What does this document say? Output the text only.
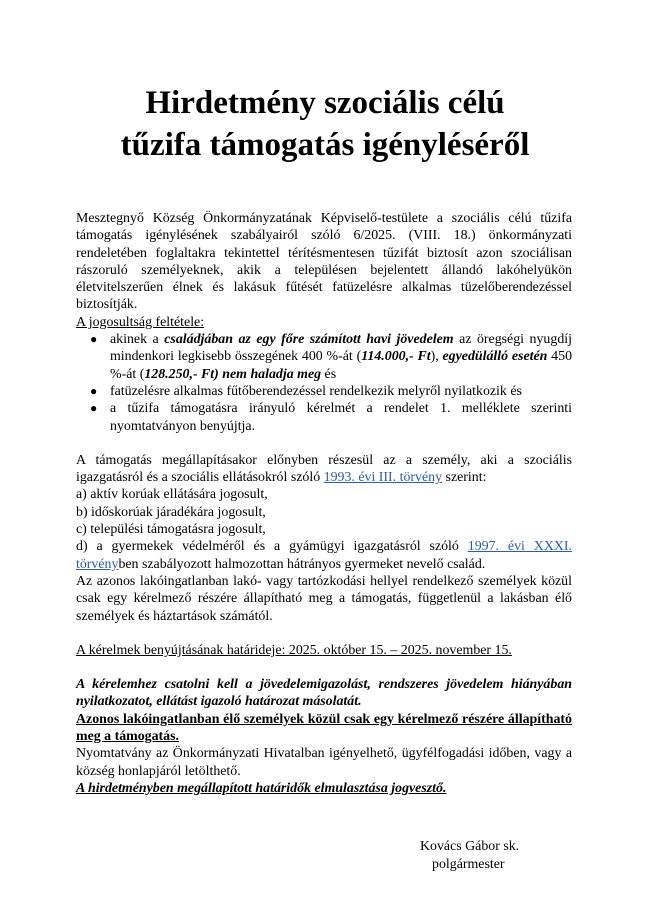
Hirdetmény szociális célú
tűzifa támogatás igényléséről
Mesztegnyő Község Önkormányzatának Képviselő-testülete a szociális célú tűzifa támogatás igénylésének szabályairól szóló 6/2025. (VIII. 18.) önkormányzati rendeletében foglaltakra tekintettel térítésmentesen tűzifát biztosít azon szociálisan rászoruló személyeknek, akik a településen bejelentett állandó lakóhelyükön életvitelszerűen élnek és lakásuk fűtését fatüzelésre alkalmas tüzelőberendezéssel biztosítják.
A jogosultság feltétele:
● akinek a családjában az egy főre számított havi jövedelem az öregségi nyugdíj mindenkori legkisebb összegének 400 %-át (114.000,- Ft), egyedülálló esetén 450 %-át (128.250,- Ft) nem haladja meg és
● fatüzelésre alkalmas fűtőberendezéssel rendelkezik melyről nyilatkozik és
● a tűzifa támogatásra irányuló kérelmét a rendelet 1. melléklete szerinti nyomtatványon benyújtja.
A támogatás megállapításakor előnyben részesül az a személy, aki a szociális igazgatásról és a szociális ellátásokról szóló 1993. évi III. törvény szerint:
a) aktív korúak ellátására jogosult,
b) időskorúak járadékára jogosult,
c) települési támogatásra jogosult,
d) a gyermekek védelméről és a gyámügyi igazgatásról szóló 1997. évi XXXI. törvényben szabályozott halmozottan hátrányos gyermeket nevelő család.
Az azonos lakóingatlanban lakó- vagy tartózkodási hellyel rendelkező személyek közül csak egy kérelmező részére állapítható meg a támogatás, függetlenül a lakásban élő személyek és háztartások számától.
A kérelmek benyújtásának határideje: 2025. október 15. – 2025. november 15.
A kérelemhez csatolni kell a jövedelemigazolást, rendszeres jövedelem hiányában nyilatkozatot, ellátást igazoló határozat másolatát.
Azonos lakóingatlanban élő személyek közül csak egy kérelmező részére állapítható meg a támogatás.
Nyomtatvány az Önkormányzati Hivatalban igényelhető, ügyfélfogadási időben, vagy a község honlapjáról letölthető.
A hirdetményben megállapított határidők elmulasztása jogvesztő.
Kovács Gábor sk.
polgármester
